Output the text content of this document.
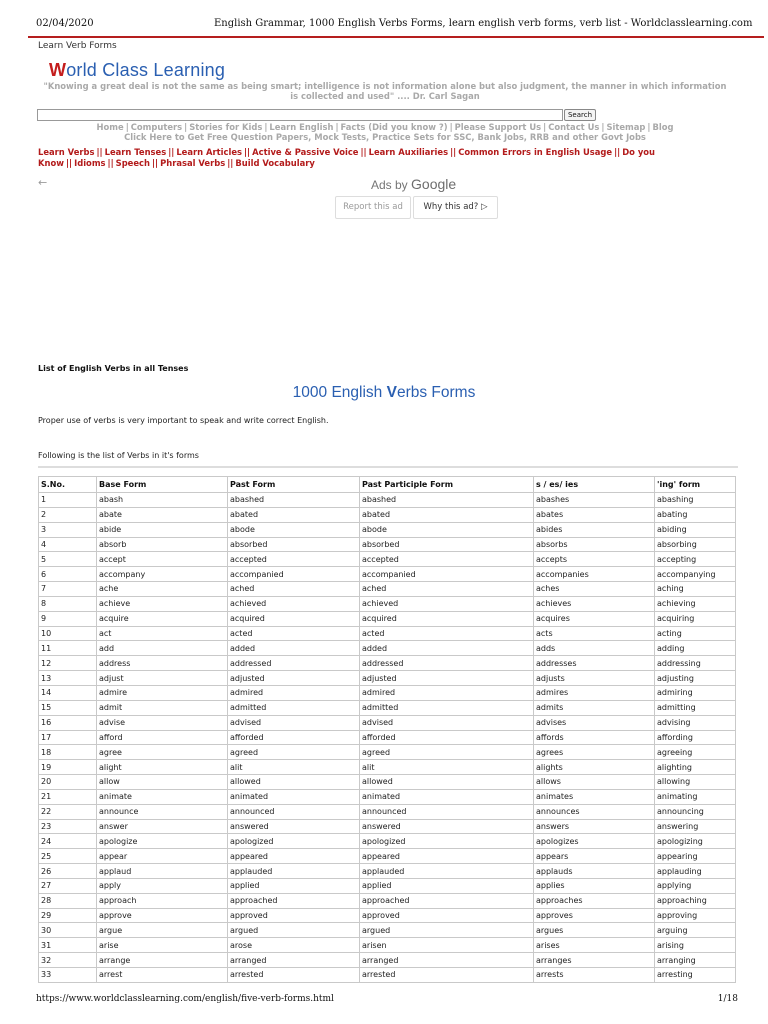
02/04/2020	English Grammar, 1000 English Verbs Forms, learn english verb forms, verb list - Worldclasslearning.com
Learn Verb Forms
World Class Learning
"Knowing a great deal is not the same as being smart; intelligence is not information alone but also judgment, the manner in which information is collected and used" .... Dr. Carl Sagan
Search
Home | Computers | Stories for Kids | Learn English | Facts (Did you know ?) | Please Support Us | Contact Us | Sitemap | Blog
Click Here to Get Free Question Papers, Mock Tests, Practice Sets for SSC, Bank Jobs, RRB and other Govt Jobs
Learn Verbs || Learn Tenses || Learn Articles || Active & Passive Voice || Learn Auxiliaries || Common Errors in English Usage || Do you Know || Idioms || Speech || Phrasal Verbs || Build Vocabulary
←	Ads by Google
Report this ad	Why this ad? ▷
List of English Verbs in all Tenses
1000 English Verbs Forms
Proper use of verbs is very important to speak and write correct English.
Following is the list of Verbs in it's forms
S.No.	Base Form	Past Form	Past Participle Form	s / es/ ies	'ing' form
1	abash	abashed	abashed	abashes	abashing
2	abate	abated	abated	abates	abating
3	abide	abode	abode	abides	abiding
4	absorb	absorbed	absorbed	absorbs	absorbing
5	accept	accepted	accepted	accepts	accepting
6	accompany	accompanied	accompanied	accompanies	accompanying
7	ache	ached	ached	aches	aching
8	achieve	achieved	achieved	achieves	achieving
9	acquire	acquired	acquired	acquires	acquiring
10	act	acted	acted	acts	acting
11	add	added	added	adds	adding
12	address	addressed	addressed	addresses	addressing
13	adjust	adjusted	adjusted	adjusts	adjusting
14	admire	admired	admired	admires	admiring
15	admit	admitted	admitted	admits	admitting
16	advise	advised	advised	advises	advising
17	afford	afforded	afforded	affords	affording
18	agree	agreed	agreed	agrees	agreeing
19	alight	alit	alit	alights	alighting
20	allow	allowed	allowed	allows	allowing
21	animate	animated	animated	animates	animating
22	announce	announced	announced	announces	announcing
23	answer	answered	answered	answers	answering
24	apologize	apologized	apologized	apologizes	apologizing
25	appear	appeared	appeared	appears	appearing
26	applaud	applauded	applauded	applauds	applauding
27	apply	applied	applied	applies	applying
28	approach	approached	approached	approaches	approaching
29	approve	approved	approved	approves	approving
30	argue	argued	argued	argues	arguing
31	arise	arose	arisen	arises	arising
32	arrange	arranged	arranged	arranges	arranging
33	arrest	arrested	arrested	arrests	arresting
https://www.worldclasslearning.com/english/five-verb-forms.html	1/18
